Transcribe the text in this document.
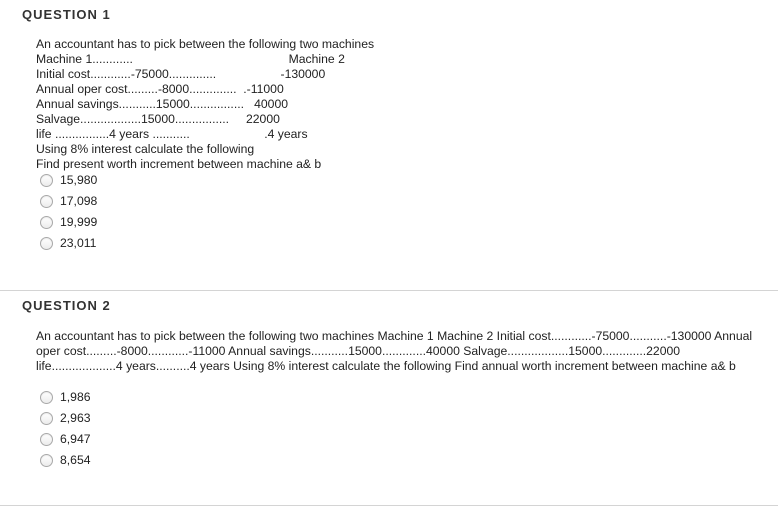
QUESTION 1
An accountant has to pick between the following two machines
Machine 1............                                              Machine 2
Initial cost............-75000..............                   -130000
Annual oper cost.........-8000..............  .-11000
Annual savings...........15000................   40000
Salvage..................15000................     22000
life ................4 years ...........                      .4 years
Using 8% interest calculate the following
Find present worth increment between machine a& b
15,980
17,098
19,999
23,011
QUESTION 2
An accountant has to pick between the following two machines Machine 1 Machine 2 Initial cost............-75000...........-130000 Annual oper cost.........-8000............-11000 Annual savings...........15000.............40000 Salvage..................15000.............22000 life...................4 years..........4 years Using 8% interest calculate the following Find annual worth increment between machine a& b
1,986
2,963
6,947
8,654
